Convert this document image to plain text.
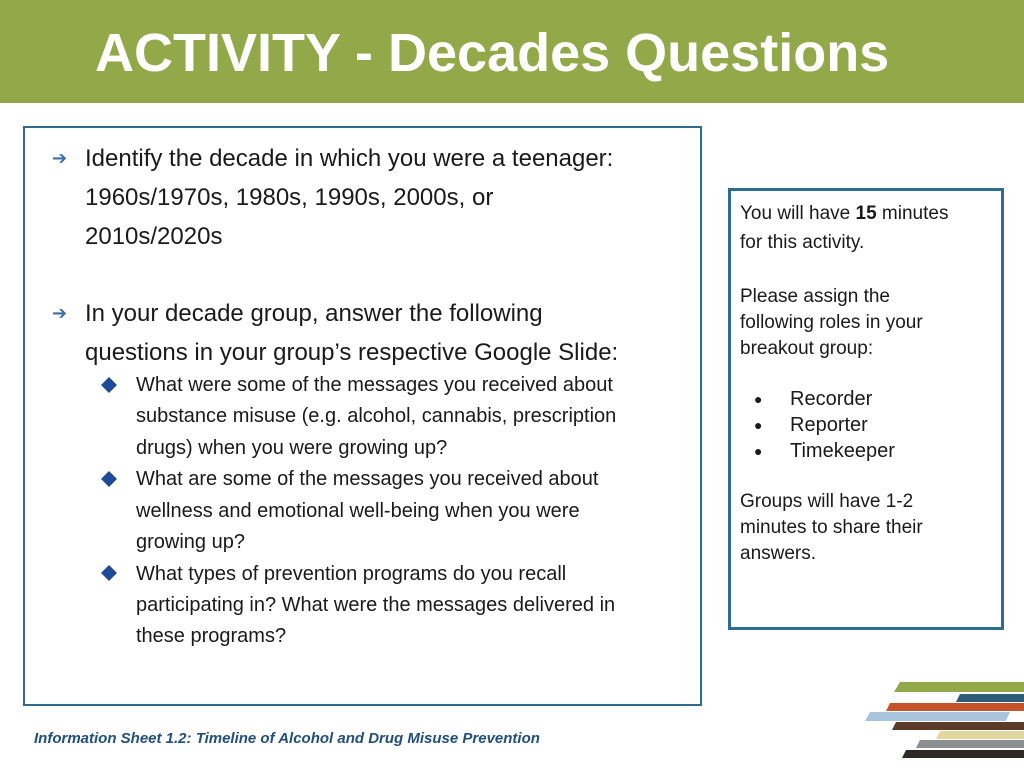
ACTIVITY - Decades Questions
➔ Identify the decade in which you were a teenager:
1960s/1970s, 1980s, 1990s, 2000s, or
2010s/2020s
➔ In your decade group, answer the following
questions in your group’s respective Google Slide:
What were some of the messages you received about
substance misuse (e.g. alcohol, cannabis, prescription
drugs) when you were growing up?
What are some of the messages you received about
wellness and emotional well-being when you were
growing up?
What types of prevention programs do you recall
participating in? What were the messages delivered in
these programs?
You will have 15 minutes
for this activity.
Please assign the
following roles in your
breakout group:
● Recorder
● Reporter
● Timekeeper
Groups will have 1-2
minutes to share their
answers.
Information Sheet 1.2: Timeline of Alcohol and Drug Misuse Prevention
